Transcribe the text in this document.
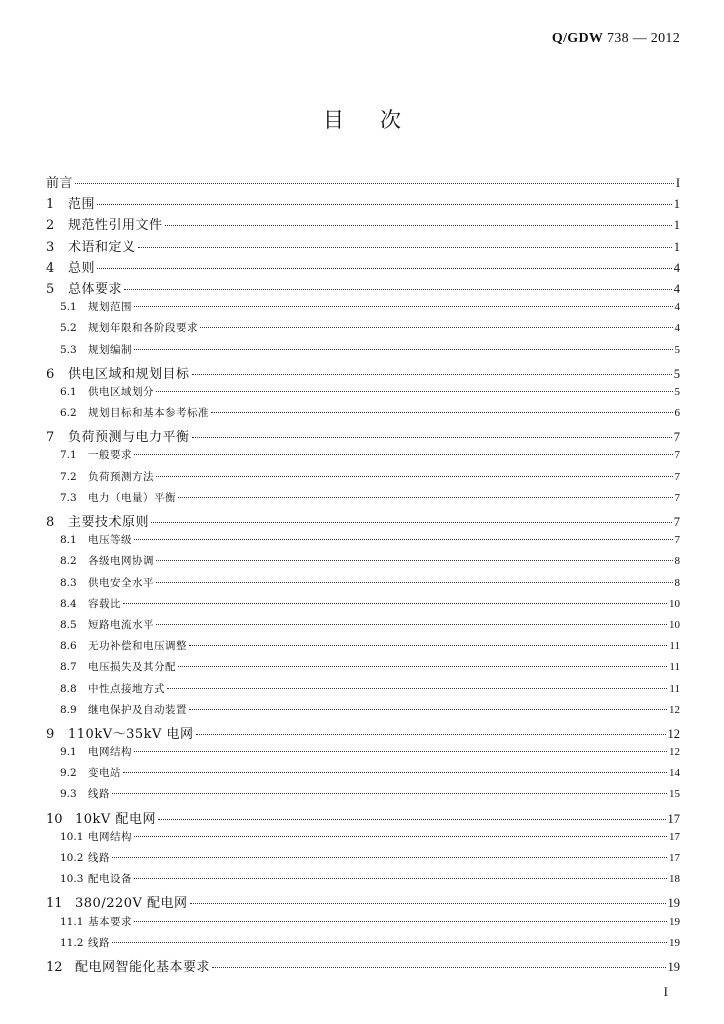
Q/GDW 738 — 2012
目次
前言	I
1	范围	1
2	规范性引用文件	1
3	术语和定义	1
4	总则	4
5	总体要求	4
5.1	规划范围	4
5.2	规划年限和各阶段要求	4
5.3	规划编制	5
6	供电区域和规划目标	5
6.1	供电区域划分	5
6.2	规划目标和基本参考标准	6
7	负荷预测与电力平衡	7
7.1	一般要求	7
7.2	负荷预测方法	7
7.3	电力（电量）平衡	7
8	主要技术原则	7
8.1	电压等级	7
8.2	各级电网协调	8
8.3	供电安全水平	8
8.4	容载比	10
8.5	短路电流水平	10
8.6	无功补偿和电压调整	11
8.7	电压损失及其分配	11
8.8	中性点接地方式	11
8.9	继电保护及自动装置	12
9	110kV～35kV 电网	12
9.1	电网结构	12
9.2	变电站	14
9.3	线路	15
10 10kV 配电网	17
10.1 电网结构	17
10.2 线路	17
10.3 配电设备	18
11 380/220V 配电网	19
11.1 基本要求	19
11.2 线路	19
12 配电网智能化基本要求	19
I
